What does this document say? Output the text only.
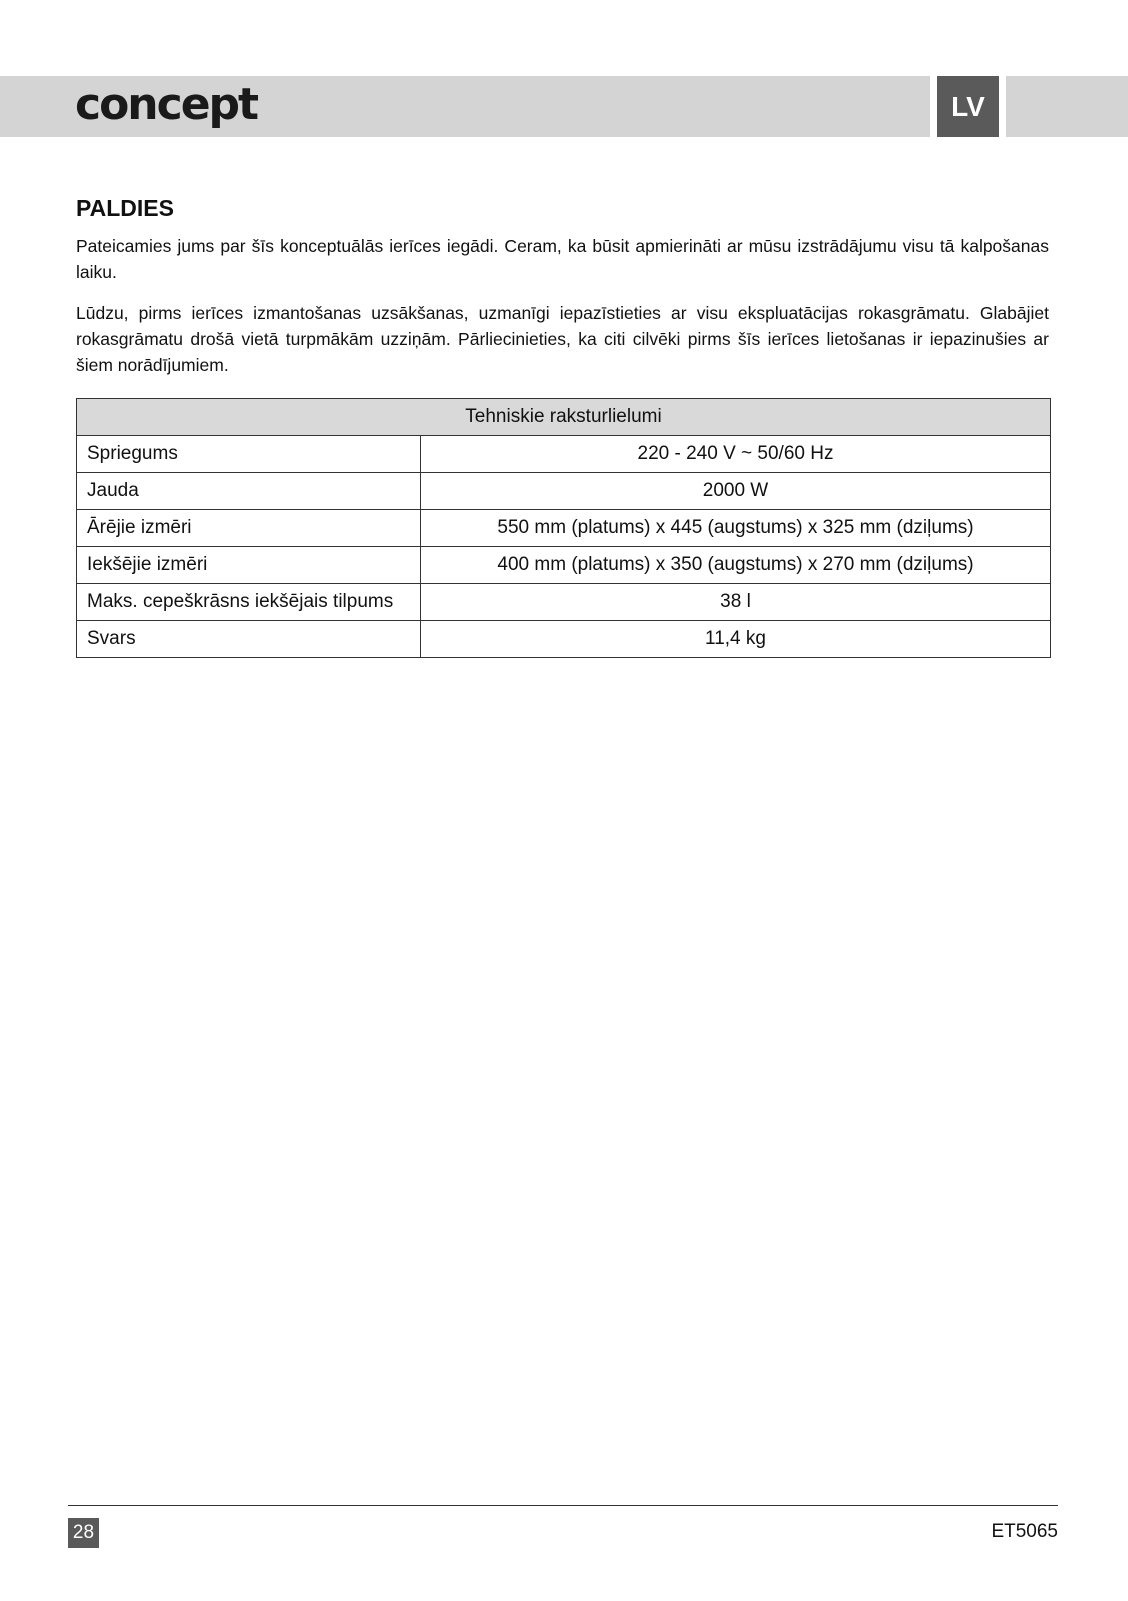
concept	LV
PALDIES

Pateicamies jums par šīs konceptuālās ierīces iegādi. Ceram, ka būsit apmierināti ar mūsu izstrādājumu visu tā kalpošanas laiku.

Lūdzu, pirms ierīces izmantošanas uzsākšanas, uzmanīgi iepazīstieties ar visu ekspluatācijas rokasgrāmatu. Glabājiet rokasgrāmatu drošā vietā turpmākām uzziņām. Pārliecinieties, ka citi cilvēki pirms šīs ierīces lietošanas ir iepazinušies ar šiem norādījumiem.

Tehniskie raksturlielumi	
Spriegums	220 - 240 V ~ 50/60 Hz
Jauda	2000 W
Ārējie izmēri	550 mm (platums) x 445 (augstums) x 325 mm (dziļums)
Iekšējie izmēri	400 mm (platums) x 350 (augstums) x 270 mm (dziļums)
Maks. cepeškrāsns iekšējais tilpums	38 l
Svars	11,4 kg
28	ET5065
